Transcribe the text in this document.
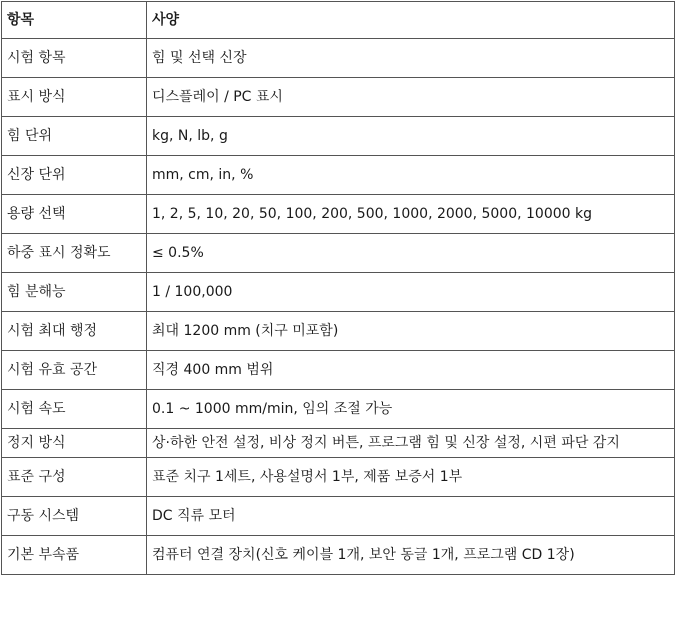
항목	사양
시험 항목	힘 및 선택 신장
표시 방식	디스플레이 / PC 표시
힘 단위	kg, N, lb, g
신장 단위	mm, cm, in, %
용량 선택	1, 2, 5, 10, 20, 50, 100, 200, 500, 1000, 2000, 5000, 10000 kg
하중 표시 정확도	≤ 0.5%
힘 분해능	1 / 100,000
시험 최대 행정	최대 1200 mm (치구 미포함)
시험 유효 공간	직경 400 mm 범위
시험 속도	0.1 ~ 1000 mm/min, 임의 조절 가능
정지 방식	상·하한 안전 설정, 비상 정지 버튼, 프로그램 힘 및 신장 설정, 시편 파단 감지
표준 구성	표준 치구 1세트, 사용설명서 1부, 제품 보증서 1부
구동 시스템	DC 직류 모터
기본 부속품	컴퓨터 연결 장치(신호 케이블 1개, 보안 동글 1개, 프로그램 CD 1장)
